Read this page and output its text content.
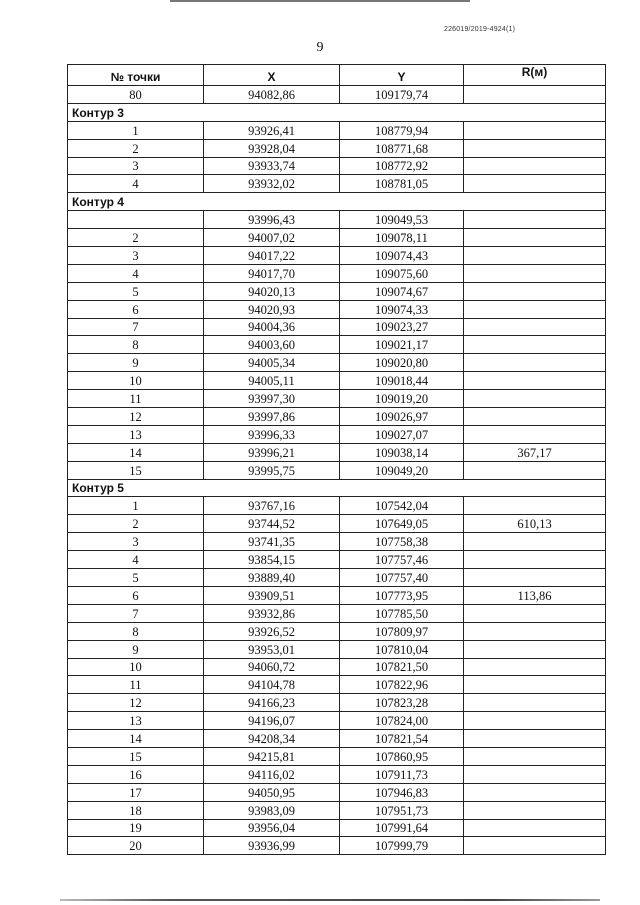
226019/2019-4924(1)
9
№ точки	X	Y	R(м)
80	94082,86	109179,74	
Контур 3			
1	93926,41	108779,94	
2	93928,04	108771,68	
3	93933,74	108772,92	
4	93932,02	108781,05	
Контур 4			
	93996,43	109049,53	
2	94007,02	109078,11	
3	94017,22	109074,43	
4	94017,70	109075,60	
5	94020,13	109074,67	
6	94020,93	109074,33	
7	94004,36	109023,27	
8	94003,60	109021,17	
9	94005,34	109020,80	
10	94005,11	109018,44	
11	93997,30	109019,20	
12	93997,86	109026,97	
13	93996,33	109027,07	
14	93996,21	109038,14	367,17
15	93995,75	109049,20	
Контур 5			
1	93767,16	107542,04	
2	93744,52	107649,05	610,13
3	93741,35	107758,38	
4	93854,15	107757,46	
5	93889,40	107757,40	
6	93909,51	107773,95	113,86
7	93932,86	107785,50	
8	93926,52	107809,97	
9	93953,01	107810,04	
10	94060,72	107821,50	
11	94104,78	107822,96	
12	94166,23	107823,28	
13	94196,07	107824,00	
14	94208,34	107821,54	
15	94215,81	107860,95	
16	94116,02	107911,73	
17	94050,95	107946,83	
18	93983,09	107951,73	
19	93956,04	107991,64	
20	93936,99	107999,79	
